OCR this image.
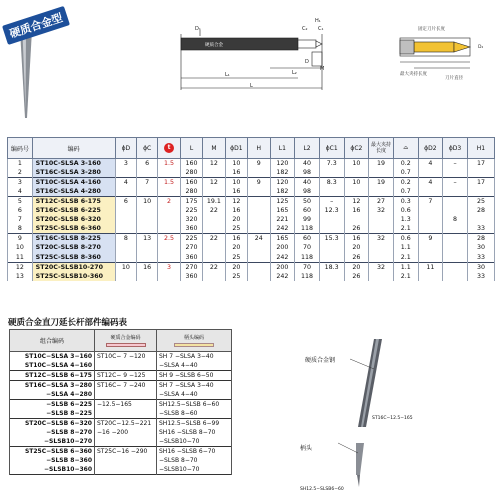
D₁
H₁
C₂ C₁
D
M
L₁	L₂
L
硬质合金
固定刀片长度
最大夹持长度
刀片直径
D₂
硬质合金型
编码号	编码	ϕD	ϕC	t	L	M	ϕD1	H	L1	L2	ϕC1	ϕC2	最大夹持长度	⌓	ϕD2	ϕD3	H1
1	ST10C-SLSA 3-160	3	6	1.5	160	12	10	9	120	40	7.3	10	19	0.2	4	–	17
2	ST16C-SLSA 3-280				280		16		182	98				0.7			
3	ST10C-SLSA 4-160	4	7	1.5	160	12	10	9	120	40	8.3	10	19	0.2	4	–	17
4	ST16C-SLSA 4-280				280		16		182	98				0.7			
5	ST12C-SLSB 6-175	6	10	2	175	19.1	12		125	50	–	12	27	0.3	7		25
6	ST16C-SLSB 6-225				225	22	16		165	60	12.3	16	32	0.6			28
7	ST20C-SLSB 6-320				320		20		221	99				1.3		8	
8	ST25C-SLSB 6-360				360		25		242	118		26		2.1			33
9	ST16C-SLSB 8-225	8	13	2.5	225	22	16	24	165	60	15.3	16	32	0.6	9		28
10	ST20C-SLSB 8-270				270		20		200	70		20		1.1			30
11	ST25C-SLSB 8-360				360		25		242	118		26		2.1			33
12	ST20C-SLSB10-270	10	16	3	270	22	20		200	70	18.3	20	32	1.1	11		30
13	ST25C-SLSB10-360				360		25		242	118		26		2.1			33
硬质合金直刀延长杆部件编码表
组合编码	硬质合金编码	柄头编码

ST10C−SLSA 3−160	ST10C− 7 −120	SH 7 −SLSA 3−40
ST10C−SLSA 4−160		−SLSA 4−40
ST12C−SLSB 6−175	ST12C− 9 −125	SH 9 −SLSB 6−50
ST16C−SLSA 3−280	ST16C− 7 −240	SH 7 −SLSA 3−40
−SLSA 4−280		−SLSA 4−40
−SLSB 6−225	−12.5−165	SH12.5−SLSB 6−60
−SLSB 8−225		−SLSB 8−60
ST20C−SLSB 6−320	ST20C−12.5−221	SH12.5−SLSB 6−99
−SLSB 8−270	−16 −200	SH16 −SLSB 8−70
−SLSB10−270		−SLSB10−70
ST25C−SLSB 6−360	ST25C−16 −290	SH16 −SLSB 6−70
−SLSB 8−360		−SLSB 8−70
−SLSB10−360		−SLSB10−70
硬质合金钢
柄头
ST16C−12.5−165
SH12.5−SLSB6−60
